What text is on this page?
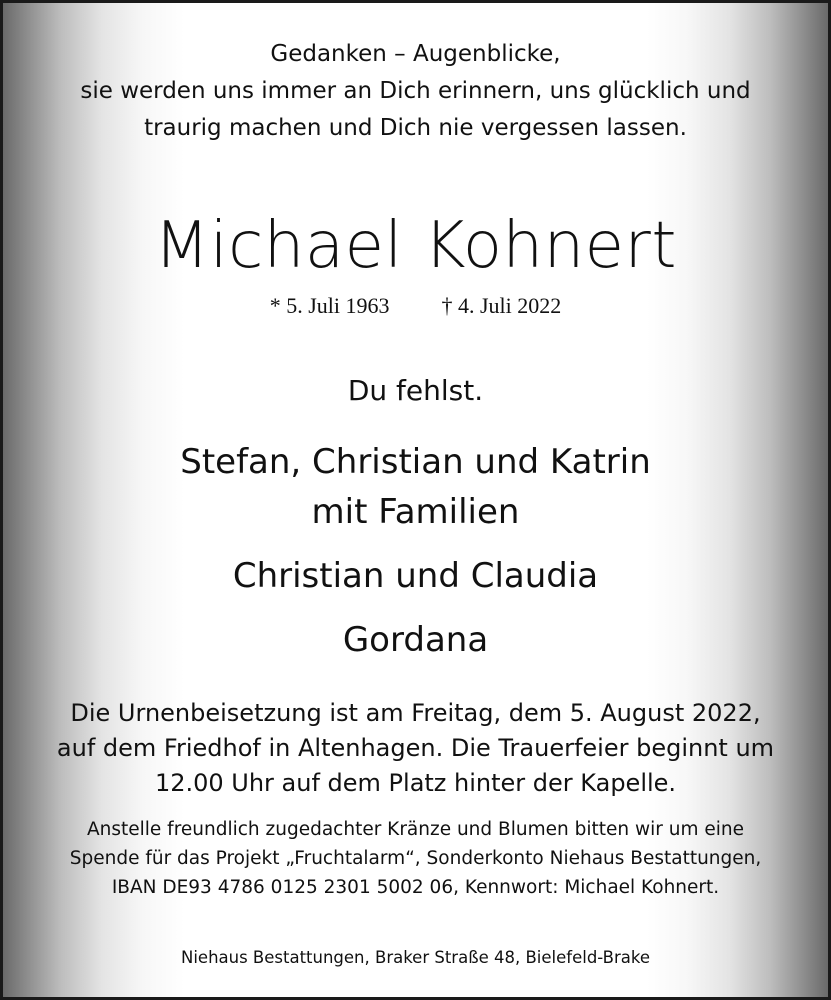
Gedanken – Augenblicke,
sie werden uns immer an Dich erinnern, uns glücklich und
traurig machen und Dich nie vergessen lassen.
Michael Kohnert
* 5. Juli 1963 † 4. Juli 2022
Du fehlst.
Stefan, Christian und Katrin
mit Familien
Christian und Claudia
Gordana
Die Urnenbeisetzung ist am Freitag, dem 5. August 2022,
auf dem Friedhof in Altenhagen. Die Trauerfeier beginnt um
12.00 Uhr auf dem Platz hinter der Kapelle.
Anstelle freundlich zugedachter Kränze und Blumen bitten wir um eine
Spende für das Projekt „Fruchtalarm“, Sonderkonto Niehaus Bestattungen,
IBAN DE93 4786 0125 2301 5002 06, Kennwort: Michael Kohnert.
Niehaus Bestattungen, Braker Straße 48, Bielefeld-Brake
